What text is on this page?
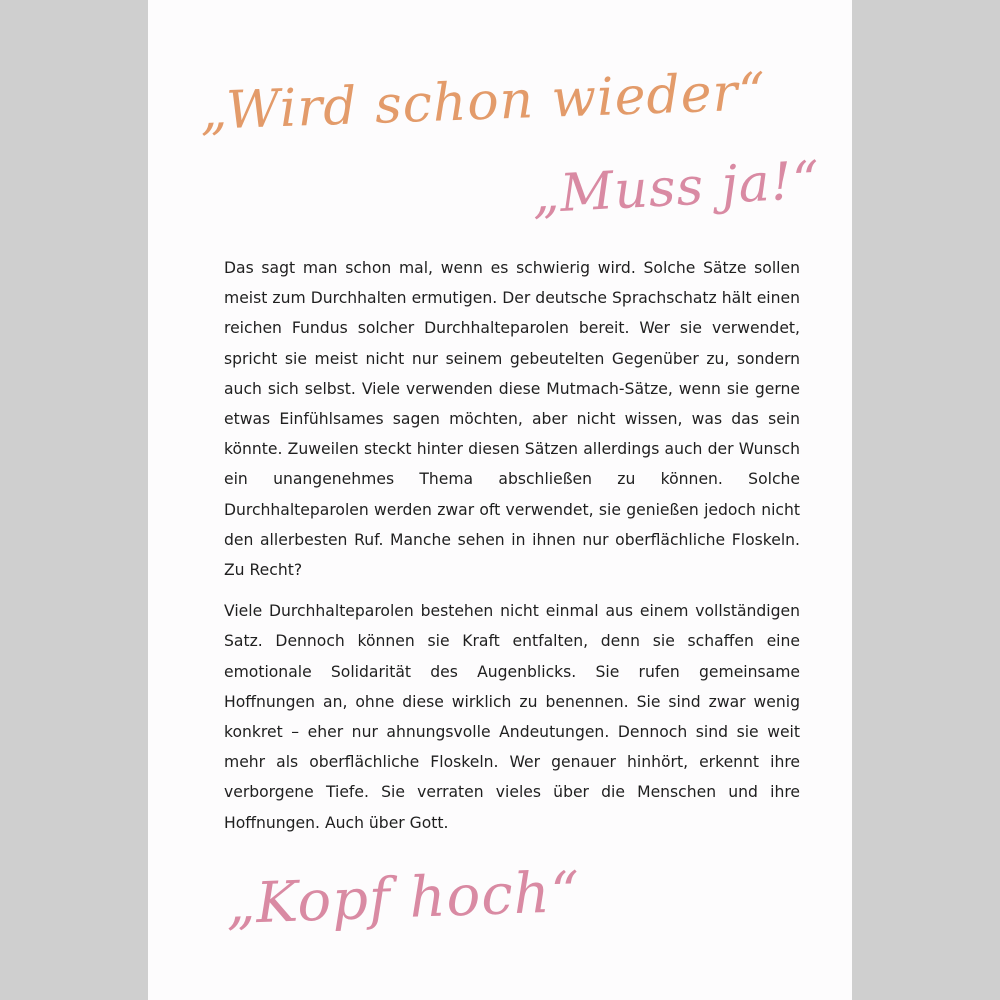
„Wird schon wieder“
„Muss ja!“

Das sagt man schon mal, wenn es schwierig wird. Solche Sätze sollen meist zum Durchhalten ermutigen. Der deutsche Sprachschatz hält einen reichen Fundus solcher Durchhalteparolen bereit. Wer sie verwendet, spricht sie meist nicht nur seinem gebeutelten Gegenüber zu, sondern auch sich selbst. Viele verwenden diese Mutmach-Sätze, wenn sie gerne etwas Einfühlsames sagen möchten, aber nicht wissen, was das sein könnte. Zuweilen steckt hinter diesen Sätzen allerdings auch der Wunsch ein unangenehmes Thema abschließen zu können. Solche Durchhalteparolen werden zwar oft verwendet, sie genießen jedoch nicht den allerbesten Ruf. Manche sehen in ihnen nur oberflächliche Floskeln. Zu Recht?

Viele Durchhalteparolen bestehen nicht einmal aus einem vollständigen Satz. Dennoch können sie Kraft entfalten, denn sie schaffen eine emotionale Solidarität des Augenblicks. Sie rufen gemeinsame Hoffnungen an, ohne diese wirklich zu benennen. Sie sind zwar wenig konkret – eher nur ahnungsvolle Andeutungen. Dennoch sind sie weit mehr als oberflächliche Floskeln. Wer genauer hinhört, erkennt ihre verborgene Tiefe. Sie verraten vieles über die Menschen und ihre Hoffnungen. Auch über Gott.

„Kopf hoch“
